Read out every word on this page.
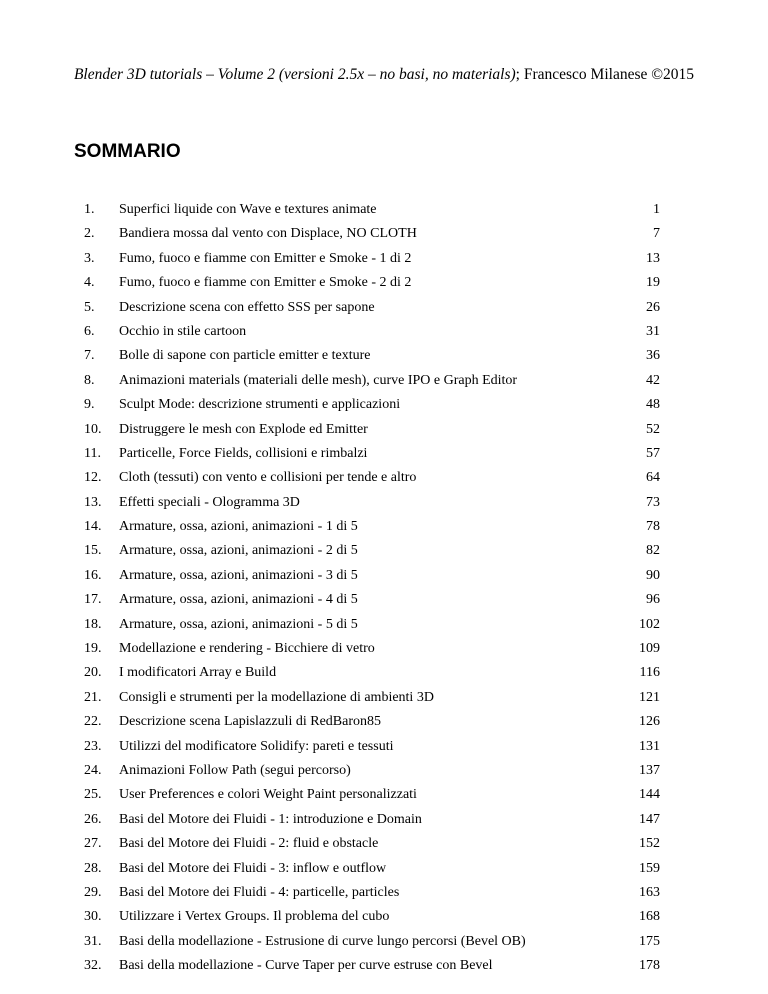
Blender 3D tutorials – Volume 2 (versioni 2.5x – no basi, no materials); Francesco Milanese ©2015
SOMMARIO
1. Superfici liquide con Wave e textures animate	1
2. Bandiera mossa dal vento con Displace, NO CLOTH	7
3. Fumo, fuoco e fiamme con Emitter e Smoke - 1 di 2	13
4. Fumo, fuoco e fiamme con Emitter e Smoke - 2 di 2	19
5. Descrizione scena con effetto SSS per sapone	26
6. Occhio in stile cartoon	31
7. Bolle di sapone con particle emitter e texture	36
8. Animazioni materials (materiali delle mesh), curve IPO e Graph Editor	42
9. Sculpt Mode: descrizione strumenti e applicazioni	48
10. Distruggere le mesh con Explode ed Emitter	52
11. Particelle, Force Fields, collisioni e rimbalzi	57
12. Cloth (tessuti) con vento e collisioni per tende e altro	64
13. Effetti speciali - Ologramma 3D	73
14. Armature, ossa, azioni, animazioni - 1 di 5	78
15. Armature, ossa, azioni, animazioni - 2 di 5	82
16. Armature, ossa, azioni, animazioni - 3 di 5	90
17. Armature, ossa, azioni, animazioni - 4 di 5	96
18. Armature, ossa, azioni, animazioni - 5 di 5	102
19. Modellazione e rendering - Bicchiere di vetro	109
20. I modificatori Array e Build	116
21. Consigli e strumenti per la modellazione di ambienti 3D	121
22. Descrizione scena Lapislazzuli di RedBaron85	126
23. Utilizzi del modificatore Solidify: pareti e tessuti	131
24. Animazioni Follow Path (segui percorso)	137
25. User Preferences e colori Weight Paint personalizzati	144
26. Basi del Motore dei Fluidi - 1: introduzione e Domain	147
27. Basi del Motore dei Fluidi - 2: fluid e obstacle	152
28. Basi del Motore dei Fluidi - 3: inflow e outflow	159
29. Basi del Motore dei Fluidi - 4: particelle, particles	163
30. Utilizzare i Vertex Groups. Il problema del cubo	168
31. Basi della modellazione - Estrusione di curve lungo percorsi (Bevel OB)	175
32. Basi della modellazione - Curve Taper per curve estruse con Bevel	178
